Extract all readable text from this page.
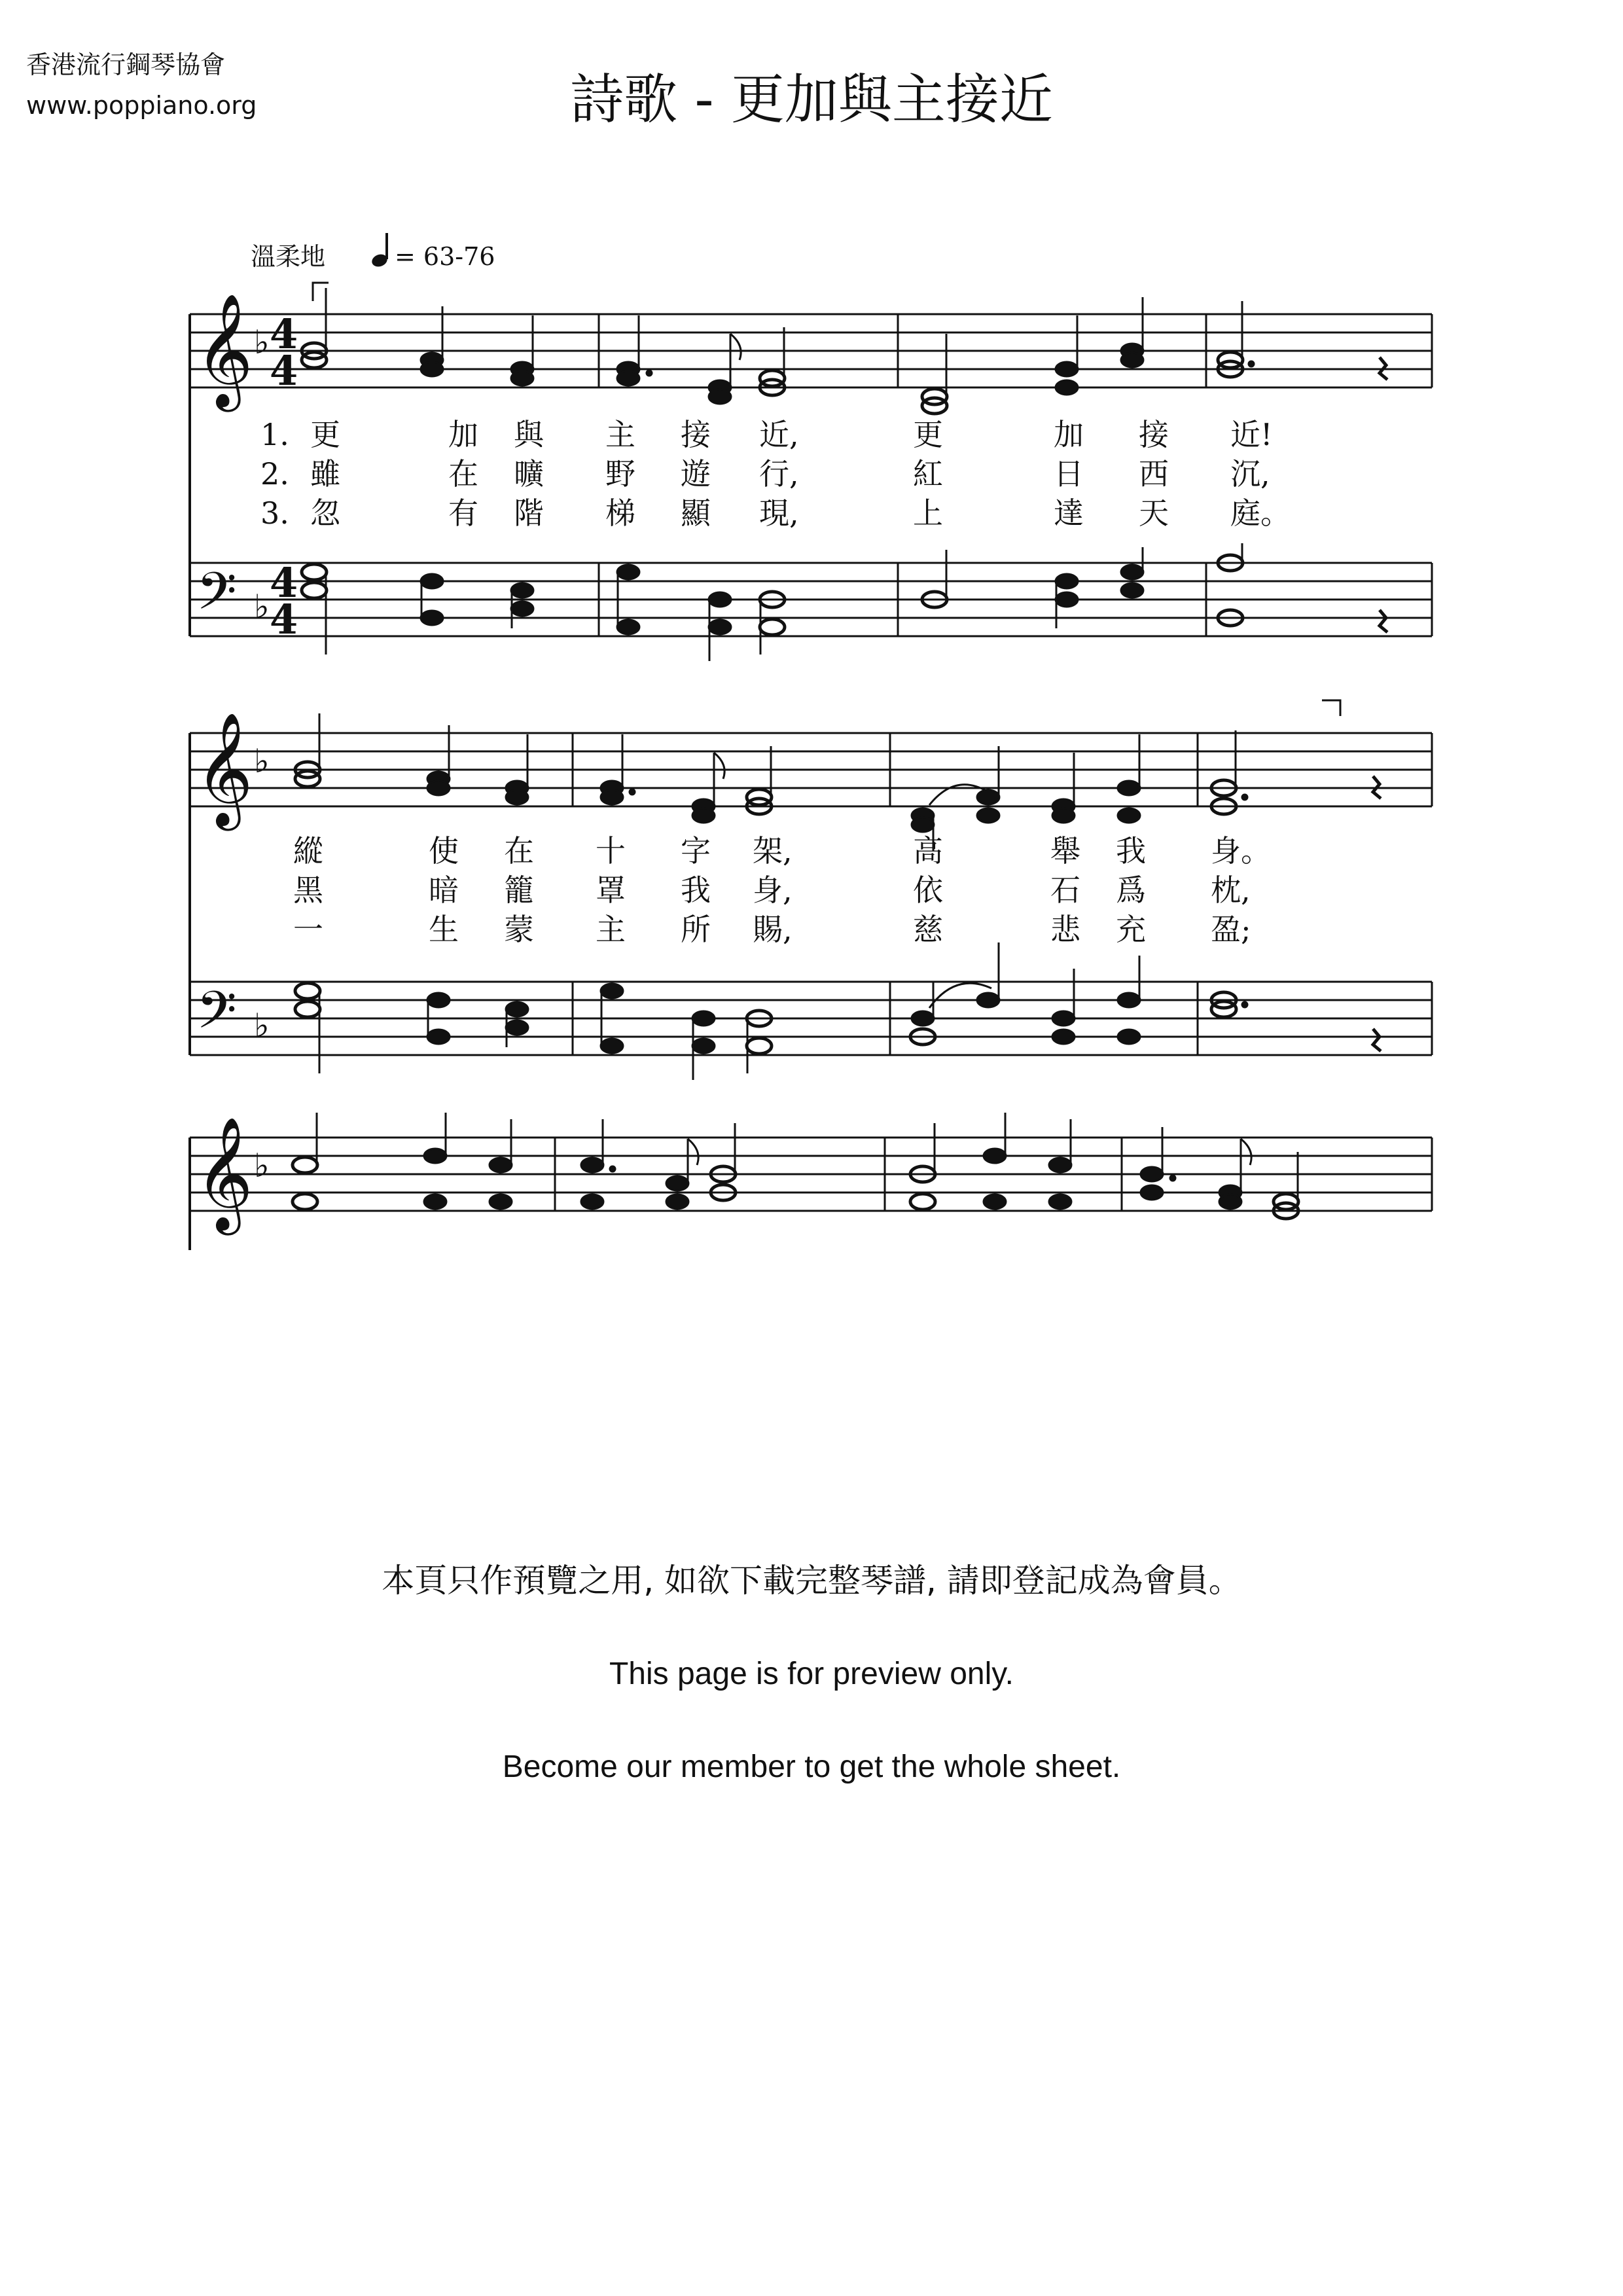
香港流行鋼琴協會
www.poppiano.org	詩歌 - 更加與主接近
溫柔地	= 63-76
𝄞 ♭ 4
4
𝄢 ♭ 4
4
1. 更	加 與 主 接 近,	更	加 接 近!
2. 雖	在 曠 野 遊 行,	紅	日 西 沉,
3. 忽	有 階 梯 顯 現,	上	達 天 庭。
𝄞 ♭
𝄢 ♭
縱	使 在 十 字 架,	高	舉 我 身。
黑	暗 籠 罩 我 身,	依	石 爲 枕,
一	生 蒙 主 所 賜,	慈	悲 充 盈;
𝄞 ♭
本頁只作預覽之用, 如欲下載完整琴譜, 請即登記成為會員。
This page is for preview only.
Become our member to get the whole sheet.
